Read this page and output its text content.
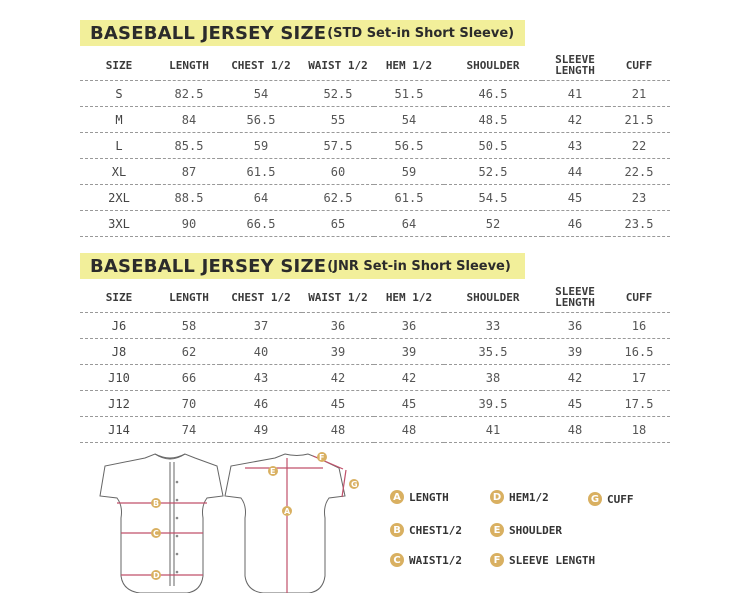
BASEBALL JERSEY SIZE (STD Set-in Short Sleeve)
SIZE	LENGTH	CHEST 1/2	WAIST 1/2	HEM 1/2	SHOULDER	SLEEVE LENGTH	CUFF
S	82.5	54	52.5	51.5	46.5	41	21
M	84	56.5	55	54	48.5	42	21.5
L	85.5	59	57.5	56.5	50.5	43	22
XL	87	61.5	60	59	52.5	44	22.5
2XL	88.5	64	62.5	61.5	54.5	45	23
3XL	90	66.5	65	64	52	46	23.5
BASEBALL JERSEY SIZE (JNR Set-in Short Sleeve)
SIZE	LENGTH	CHEST 1/2	WAIST 1/2	HEM 1/2	SHOULDER	SLEEVE LENGTH	CUFF
J6	58	37	36	36	33	36	16
J8	62	40	39	39	35.5	39	16.5
J10	66	43	42	42	38	42	17
J12	70	46	45	45	39.5	45	17.5
J14	74	49	48	48	41	48	18
B
C
D
A
E
F
G
A LENGTH
B CHEST1/2
C WAIST1/2
D HEM1/2
E SHOULDER
F SLEEVE LENGTH
G CUFF
